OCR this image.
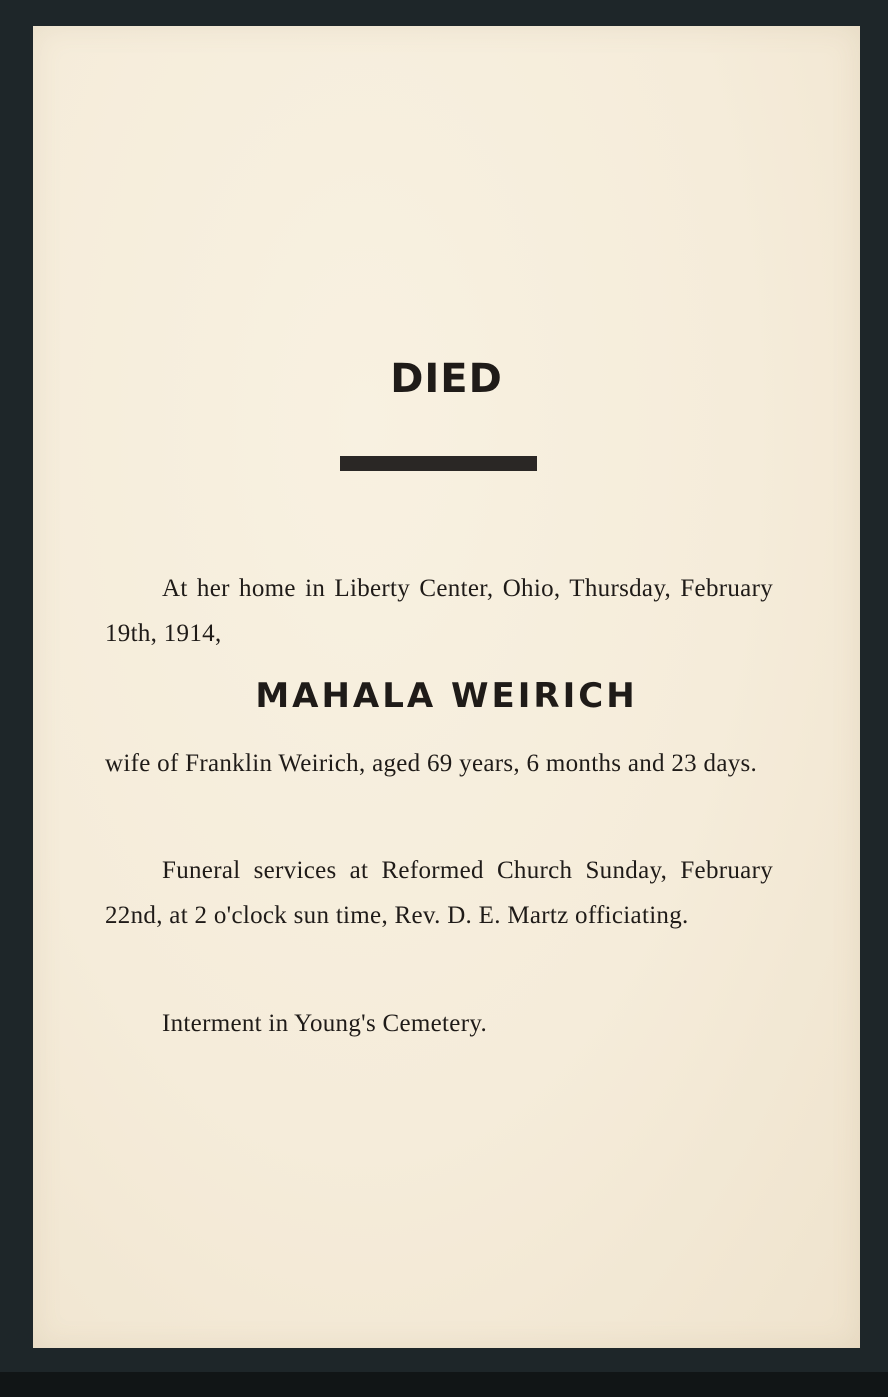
DIED
At her home in Liberty Center, Ohio, Thursday, February 19th, 1914,
MAHALA WEIRICH
wife of Franklin Weirich, aged 69 years, 6 months and 23 days.
Funeral services at Reformed Church Sunday, February 22nd, at 2 o'clock sun time, Rev. D. E. Martz officiating.
Interment in Young's Cemetery.
